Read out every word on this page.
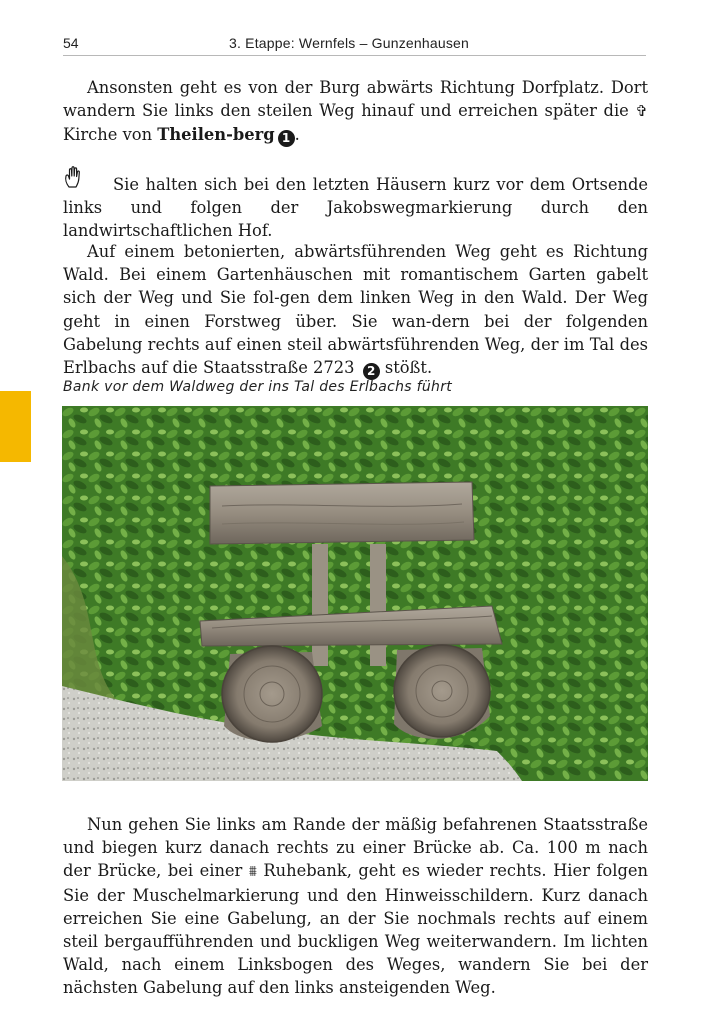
54	3. Etappe: Wernfels – Gunzenhausen

Ansonsten geht es von der Burg abwärts Richtung Dorfplatz. Dort wandern Sie links den steilen Weg hinauf und erreichen später die ✞ Kirche von Theilen-berg 1 .

Sie halten sich bei den letzten Häusern kurz vor dem Ortsende links und folgen der Jakobswegmarkierung durch den landwirtschaftlichen Hof.

Auf einem betonierten, abwärtsführenden Weg geht es Richtung Wald. Bei einem Gartenhäuschen mit romantischem Garten gabelt sich der Weg und Sie fol-gen dem linken Weg in den Wald. Der Weg geht in einen Forstweg über. Sie wan-dern bei der folgenden Gabelung rechts auf einen steil abwärtsführenden Weg, der im Tal des Erlbachs auf die Staatsstraße 2723 2 stößt.

Bank vor dem Waldweg der ins Tal des Erlbachs führt

Nun gehen Sie links am Rande der mäßig befahrenen Staatsstraße und biegen kurz danach rechts zu einer Brücke ab. Ca. 100 m nach der Brücke, bei einer ⩩ Ruhebank, geht es wieder rechts. Hier folgen Sie der Muschelmarkierung und den Hinweisschildern. Kurz danach erreichen Sie eine Gabelung, an der Sie nochmals rechts auf einem steil bergaufführenden und buckligen Weg weiterwandern. Im lichten Wald, nach einem Linksbogen des Weges, wandern Sie bei der nächsten Gabelung auf den links ansteigenden Weg.
